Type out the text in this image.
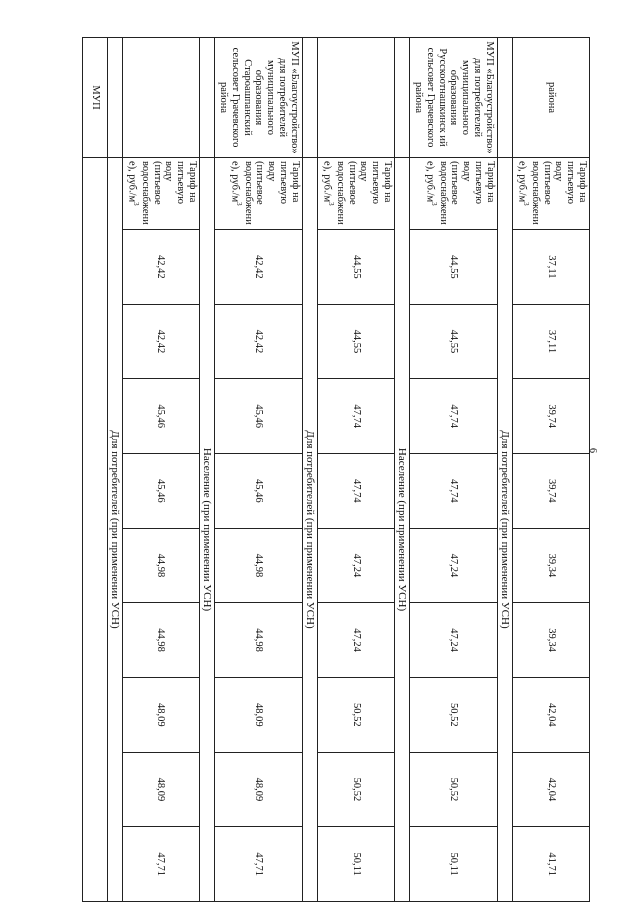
6
района	Тариф на питьевую воду (питьевое водоснабжени е), $руб./м^3$	37,11	37,11	39,74	39,74	39,34	39,34	42,04	42,04	41,71
	Для потребителей (при применении УСН)									
МУП «Благоустройство» для потребителей муниципального образования Русскоотнашкинск ий сельсовет Грачевского района	Тариф на питьевую воду (питьевое водоснабжени е), $руб./м^3$	44,55	44,55	47,74	47,74	47,24	47,24	50,52	50,52	50,11
	Население (при применении УСН)									
	Тариф на питьевую воду (питьевое водоснабжени е), $руб./м^3$	44,55	44,55	47,74	47,74	47,24	47,24	50,52	50,52	50,11
	Для потребителей (при применении УСН)									
МУП «Благоустройство» для потребителей муниципального образования Староашпанский сельсовет Грачевского района	Тариф на питьевую воду (питьевое водоснабжени е), $руб./м^3$	42,42	42,42	45,46	45,46	44,98	44,98	48,09	48,09	47,71
	Население (при применении УСН)									
	Тариф на питьевую воду (питьевое водоснабжени е), $руб./м^3$	42,42	42,42	45,46	45,46	44,98	44,98	48,09	48,09	47,71
	Для потребителей (при применении УСН)									
МУП										
